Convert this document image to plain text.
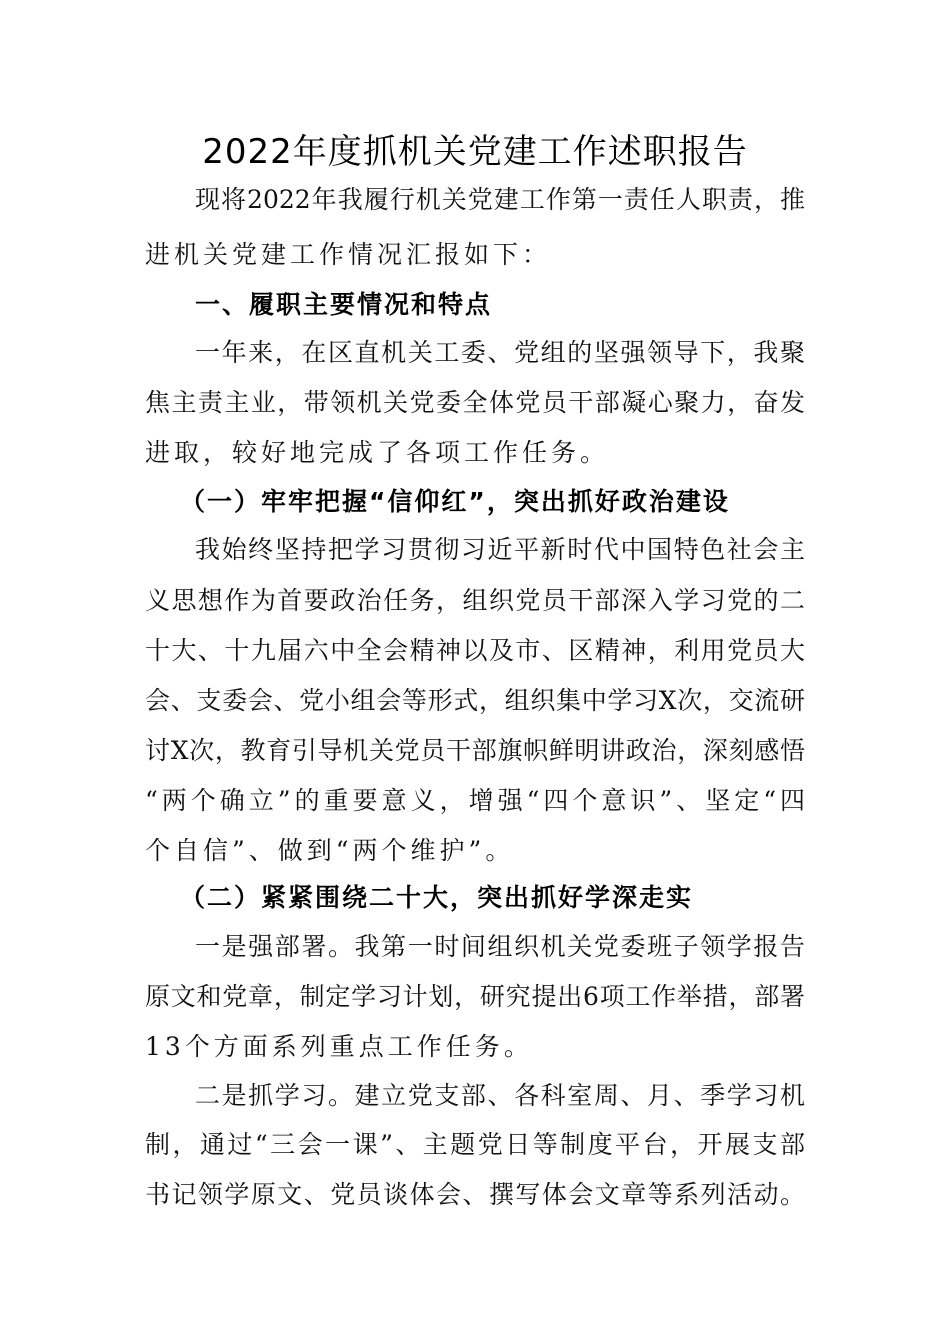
2022年度抓机关党建工作述职报告
现将2022年我履行机关党建工作第一责任人职责，推
进机关党建工作情况汇报如下：
一、履职主要情况和特点
一年来，在区直机关工委、党组的坚强领导下，我聚
焦主责主业，带领机关党委全体党员干部凝心聚力，奋发
进取，较好地完成了各项工作任务。
（一）牢牢把握“信仰红”，突出抓好政治建设
我始终坚持把学习贯彻习近平新时代中国特色社会主
义思想作为首要政治任务，组织党员干部深入学习党的二
十大、十九届六中全会精神以及市、区精神，利用党员大
会、支委会、党小组会等形式，组织集中学习X次，交流研
讨X次，教育引导机关党员干部旗帜鲜明讲政治，深刻感悟
“两个确立”的重要意义，增强“四个意识”、坚定“四
个自信”、做到“两个维护”。
（二）紧紧围绕二十大，突出抓好学深走实
一是强部署。我第一时间组织机关党委班子领学报告
原文和党章，制定学习计划，研究提出6项工作举措，部署
13个方面系列重点工作任务。
二是抓学习。建立党支部、各科室周、月、季学习机
制，通过“三会一课”、主题党日等制度平台，开展支部
书记领学原文、党员谈体会、撰写体会文章等系列活动。
